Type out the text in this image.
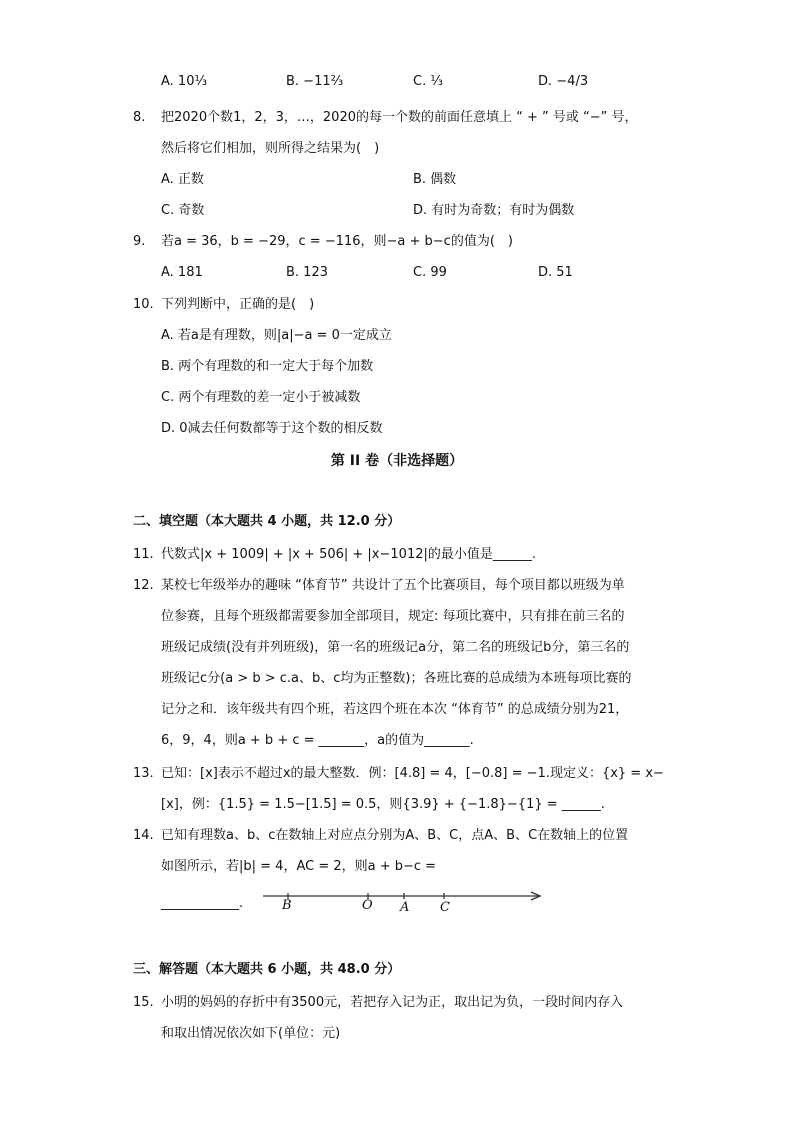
A. 10⅓	B. −11⅔	C. ⅓	D. −4/3
8. 把2020个数1，2，3，…，2020的每一个数的前面任意填上 “ + ” 号或 “−” 号，
然后将它们相加，则所得之结果为(　)
A. 正数	B. 偶数
C. 奇数	D. 有时为奇数；有时为偶数
9. 若a = 36，b = −29，c = −116，则−a + b−c的值为(　)
A. 181	B. 123	C. 99	D. 51
10. 下列判断中，正确的是(　)
A. 若a是有理数，则|a|−a = 0一定成立
B. 两个有理数的和一定大于每个加数
C. 两个有理数的差一定小于被减数
D. 0减去任何数都等于这个数的相反数
第 II 卷（非选择题）
二、填空题（本大题共 4 小题，共 12.0 分）
11. 代数式|x + 1009| + |x + 506| + |x−1012|的最小值是______.
12. 某校七年级举办的趣味 “体育节” 共设计了五个比赛项目，每个项目都以班级为单
位参赛，且每个班级都需要参加全部项目，规定: 每项比赛中，只有排在前三名的
班级记成绩(没有并列班级)，第一名的班级记a分，第二名的班级记b分，第三名的
班级记c分(a > b > c.a、b、c均为正整数)；各班比赛的总成绩为本班每项比赛的
记分之和．该年级共有四个班，若这四个班在本次 “体育节” 的总成绩分别为21，
6，9，4，则a + b + c = _______，a的值为_______.
13. 已知：[x]表示不超过x的最大整数．例：[4.8] = 4，[−0.8] = −1.现定义：{x} = x−
[x]，例：{1.5} = 1.5−[1.5] = 0.5，则{3.9} + {−1.8}−{1} = ______.
14. 已知有理数a、b、c在数轴上对应点分别为A、B、C，点A、B、C在数轴上的位置
如图所示，若|b| = 4，AC = 2，则a + b−c =
____________.	B	O A C
三、解答题（本大题共 6 小题，共 48.0 分）
15. 小明的妈妈的存折中有3500元，若把存入记为正，取出记为负，一段时间内存入
和取出情况依次如下(单位：元)
